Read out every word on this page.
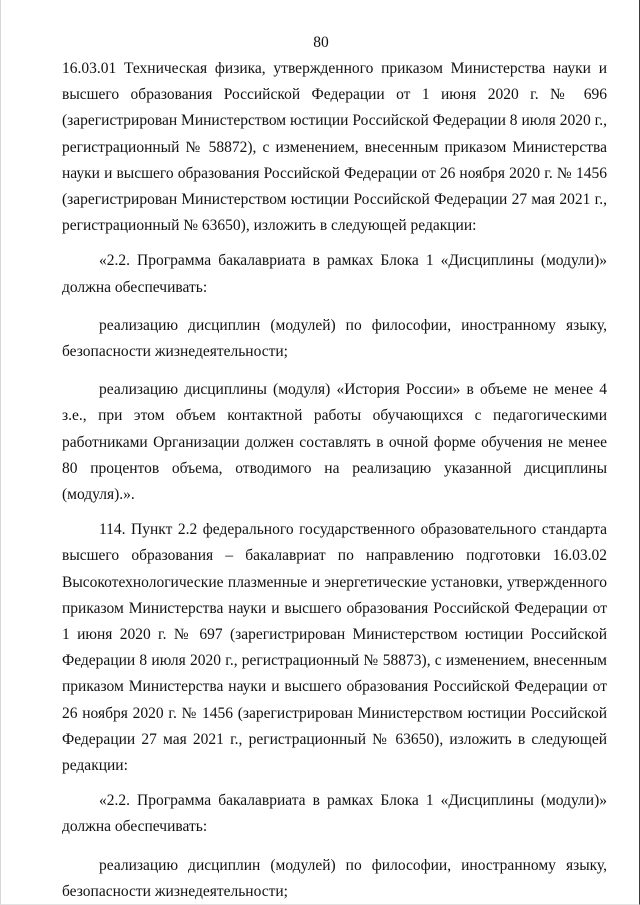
80

16.03.01 Техническая физика, утвержденного приказом Министерства науки и высшего образования Российской Федерации от 1 июня 2020 г. № 696 (зарегистрирован Министерством юстиции Российской Федерации 8 июля 2020 г., регистрационный № 58872), с изменением, внесенным приказом Министерства науки и высшего образования Российской Федерации от 26 ноября 2020 г. № 1456 (зарегистрирован Министерством юстиции Российской Федерации 27 мая 2021 г., регистрационный № 63650), изложить в следующей редакции:

«2.2. Программа бакалавриата в рамках Блока 1 «Дисциплины (модули)» должна обеспечивать:

реализацию дисциплин (модулей) по философии, иностранному языку, безопасности жизнедеятельности;

реализацию дисциплины (модуля) «История России» в объеме не менее 4 з.е., при этом объем контактной работы обучающихся с педагогическими работниками Организации должен составлять в очной форме обучения не менее 80 процентов объема, отводимого на реализацию указанной дисциплины (модуля).».

114. Пункт 2.2 федерального государственного образовательного стандарта высшего образования – бакалавриат по направлению подготовки 16.03.02 Высокотехнологические плазменные и энергетические установки, утвержденного приказом Министерства науки и высшего образования Российской Федерации от 1 июня 2020 г. № 697 (зарегистрирован Министерством юстиции Российской Федерации 8 июля 2020 г., регистрационный № 58873), с изменением, внесенным приказом Министерства науки и высшего образования Российской Федерации от 26 ноября 2020 г. № 1456 (зарегистрирован Министерством юстиции Российской Федерации 27 мая 2021 г., регистрационный № 63650), изложить в следующей редакции:

«2.2. Программа бакалавриата в рамках Блока 1 «Дисциплины (модули)» должна обеспечивать:

реализацию дисциплин (модулей) по философии, иностранному языку, безопасности жизнедеятельности;
